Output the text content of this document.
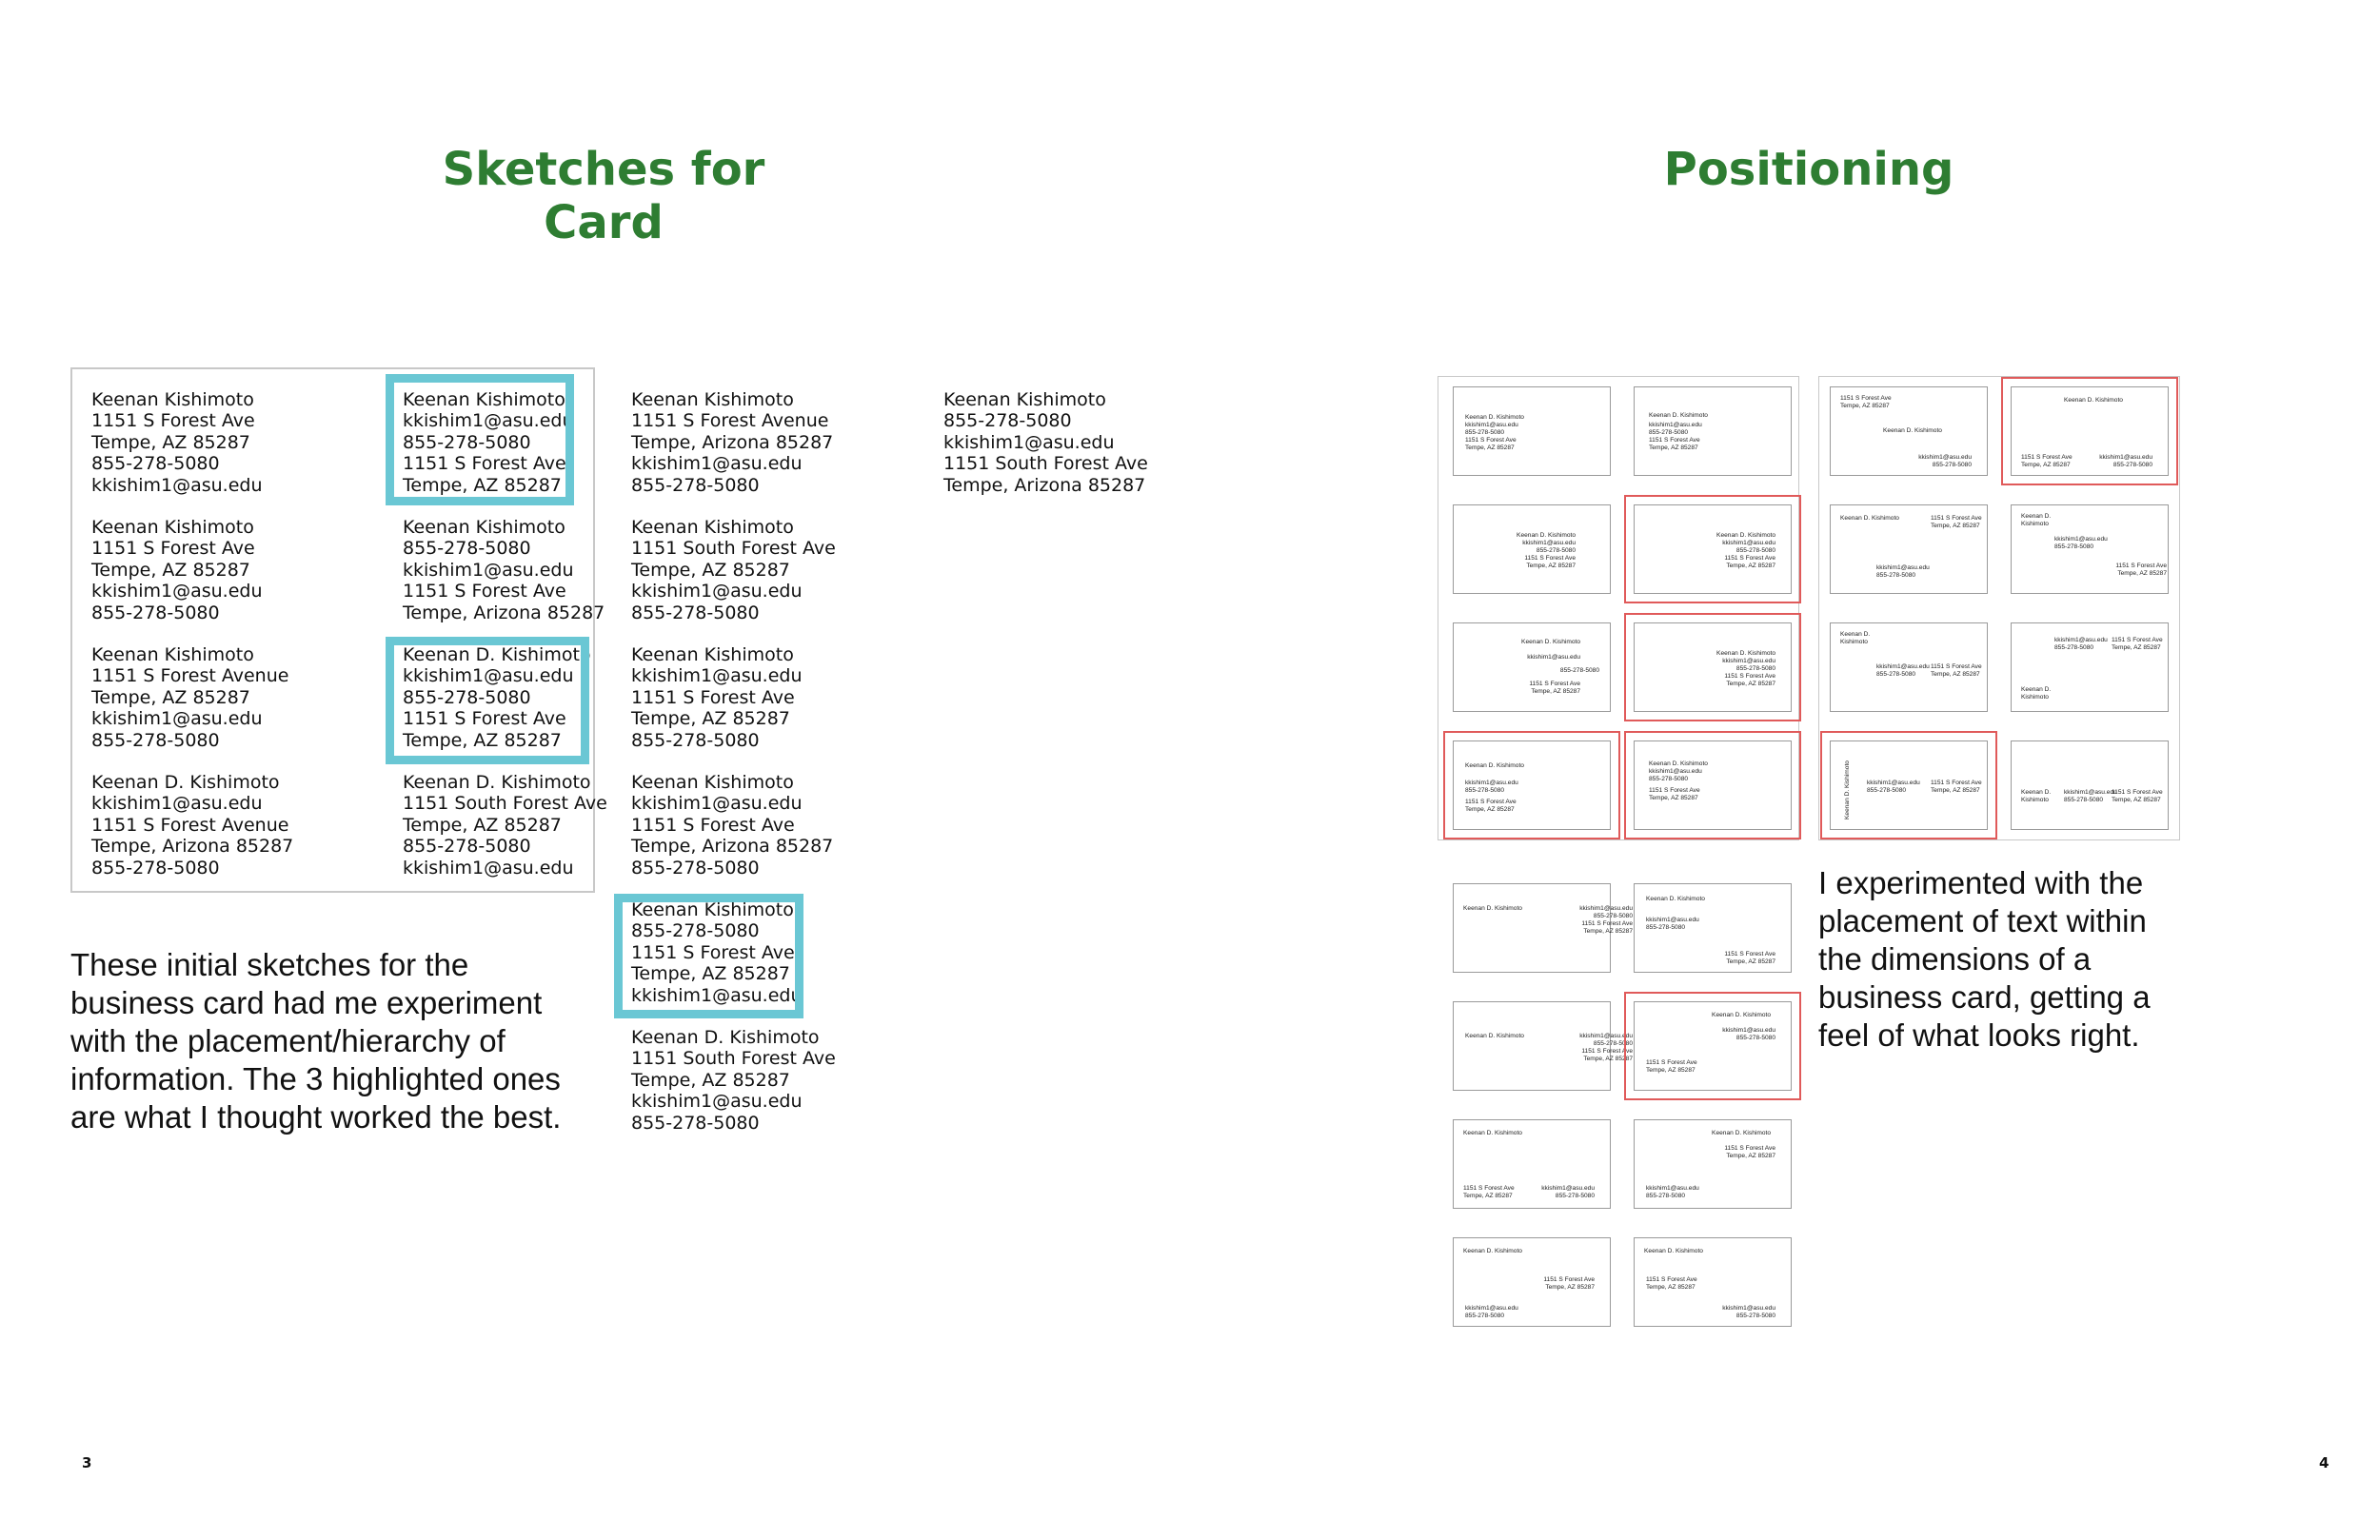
Sketches for Card
Keenan Kishimoto
1151 S Forest Ave
Tempe, AZ 85287
855-278-5080
kkishim1@asu.edu
Keenan Kishimoto
1151 S Forest Ave
Tempe, AZ 85287
kkishim1@asu.edu
855-278-5080
Keenan Kishimoto
1151 S Forest Avenue
Tempe, AZ 85287
kkishim1@asu.edu
855-278-5080
Keenan D. Kishimoto
kkishim1@asu.edu
1151 S Forest Avenue
Tempe, Arizona 85287
855-278-5080
Keenan Kishimoto
kkishim1@asu.edu
855-278-5080
1151 S Forest Ave
Tempe, AZ 85287
Keenan Kishimoto
855-278-5080
kkishim1@asu.edu
1151 S Forest Ave
Tempe, Arizona 85287
Keenan D. Kishimoto
kkishim1@asu.edu
855-278-5080
1151 S Forest Ave
Tempe, AZ 85287
Keenan D. Kishimoto
1151 South Forest Ave
Tempe, AZ 85287
855-278-5080
kkishim1@asu.edu
Keenan Kishimoto
1151 S Forest Avenue
Tempe, Arizona 85287
kkishim1@asu.edu
855-278-5080
Keenan Kishimoto
1151 South Forest Ave
Tempe, AZ 85287
kkishim1@asu.edu
855-278-5080
Keenan Kishimoto
kkishim1@asu.edu
1151 S Forest Ave
Tempe, AZ 85287
855-278-5080
Keenan Kishimoto
kkishim1@asu.edu
1151 S Forest Ave
Tempe, Arizona 85287
855-278-5080
Keenan Kishimoto
855-278-5080
1151 S Forest Ave
Tempe, AZ 85287
kkishim1@asu.edu
Keenan D. Kishimoto
1151 South Forest Ave
Tempe, AZ 85287
kkishim1@asu.edu
855-278-5080
Keenan Kishimoto
855-278-5080
kkishim1@asu.edu
1151 South Forest Ave
Tempe, Arizona 85287
These initial sketches for the business card had me experiment with the placement/hierarchy of information. The 3 highlighted ones are what I thought worked the best.
3
Positioning
Keenan D. Kishimoto
kkishim1@asu.edu
855-278-5080
1151 S Forest Ave
Tempe, AZ 85287
Keenan D. Kishimoto
kkishim1@asu.edu
855-278-5080
1151 S Forest Ave
Tempe, AZ 85287
Keenan D. Kishimoto
kkishim1@asu.edu
855-278-5080
1151 S Forest Ave
Tempe, AZ 85287
Keenan D. Kishimoto
kkishim1@asu.edu
855-278-5080
1151 S Forest Ave
Tempe, AZ 85287
Keenan D. Kishimoto
kkishim1@asu.edu
855-278-5080
1151 S Forest Ave
Tempe, AZ 85287
Keenan D. Kishimoto
kkishim1@asu.edu
855-278-5080
1151 S Forest Ave
Tempe, AZ 85287
Keenan D. Kishimoto
kkishim1@asu.edu
855-278-5080
1151 S Forest Ave
Tempe, AZ 85287
Keenan D. Kishimoto
kkishim1@asu.edu
855-278-5080
1151 S Forest Ave
Tempe, AZ 85287
1151 S Forest Ave
Tempe, AZ 85287
Keenan D. Kishimoto
kkishim1@asu.edu
855-278-5080
Keenan D. Kishimoto
1151 S Forest Ave
Tempe, AZ 85287
kkishim1@asu.edu
855-278-5080
Keenan D. Kishimoto	1151 S Forest Ave
Tempe, AZ 85287
kkishim1@asu.edu
855-278-5080
Keenan D.
Kishimoto
kkishim1@asu.edu
855-278-5080
1151 S Forest Ave
Tempe, AZ 85287
Keenan D.
Kishimoto
kkishim1@asu.edu
855-278-5080
1151 S Forest Ave
Tempe, AZ 85287
kkishim1@asu.edu
855-278-5080
1151 S Forest Ave
Tempe, AZ 85287
Keenan D.
Kishimoto
kkishim1@asu.edu
855-278-5080
1151 S Forest Ave
Tempe, AZ 85287
Keenan D. Kishimoto	Keenan D.
Kishimoto
kkishim1@asu.edu
855-278-5080
1151 S Forest Ave
Tempe, AZ 85287
Keenan D. Kishimoto	kkishim1@asu.edu
855-278-5080
1151 S Forest Ave
Tempe, AZ 85287
Keenan D. Kishimoto
kkishim1@asu.edu
855-278-5080
1151 S Forest Ave
Tempe, AZ 85287
Keenan D. Kishimoto	kkishim1@asu.edu
855-278-5080
1151 S Forest Ave
Tempe, AZ 85287
Keenan D. Kishimoto
kkishim1@asu.edu
855-278-5080
1151 S Forest Ave
Tempe, AZ 85287
Keenan D. Kishimoto
1151 S Forest Ave
Tempe, AZ 85287
kkishim1@asu.edu
855-278-5080
Keenan D. Kishimoto
1151 S Forest Ave
Tempe, AZ 85287
kkishim1@asu.edu
855-278-5080
Keenan D. Kishimoto
1151 S Forest Ave
Tempe, AZ 85287
kkishim1@asu.edu
855-278-5080
Keenan D. Kishimoto
1151 S Forest Ave
Tempe, AZ 85287
kkishim1@asu.edu
855-278-5080
I experimented with the placement of text within the dimensions of a business card, getting a feel of what looks right.
4
